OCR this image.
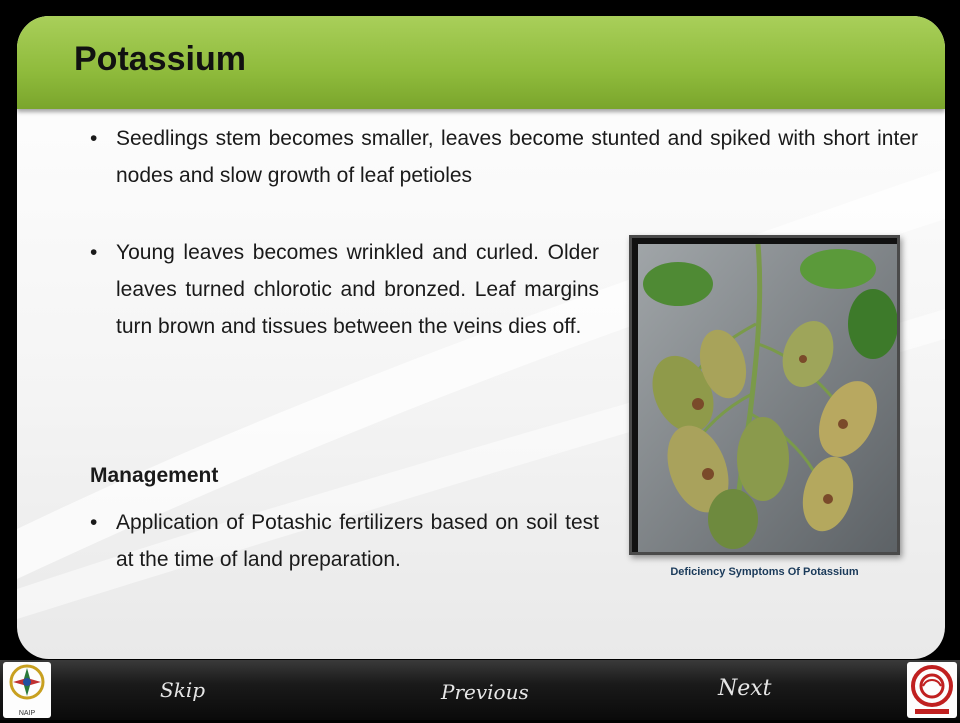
Potassium
• Seedlings stem becomes smaller, leaves become stunted and spiked with short inter nodes and slow growth of leaf petioles
• Young leaves becomes wrinkled and curled. Older leaves turned chlorotic and bronzed. Leaf margins turn brown and tissues between the veins dies off.
Management
• Application of Potashic fertilizers based on soil test at the time of land preparation.
Deficiency Symptoms Of Potassium
NAIP
Skip	Previous	Next
